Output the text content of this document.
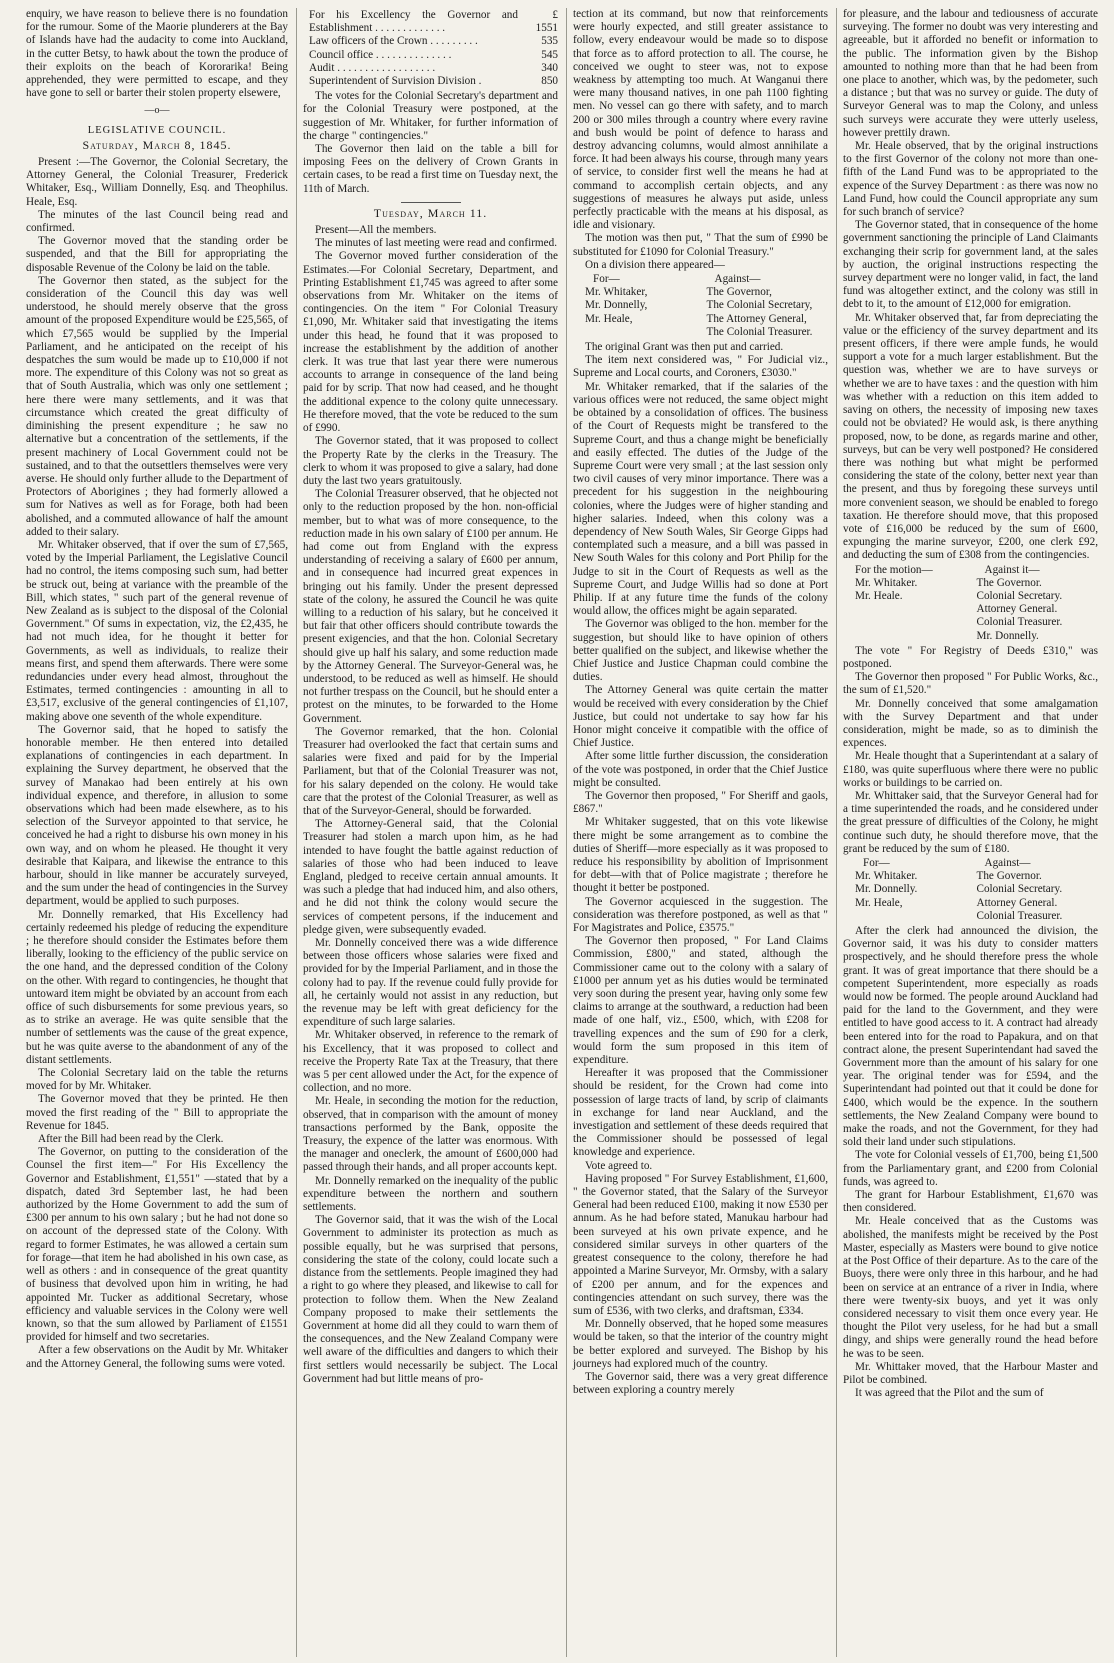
enquiry, we have reason to believe there is no foundation for the rumour. Some of the Maorie plunderers at the Bay of Islands have had the audacity to come into Auckland, in the cutter Betsy, to hawk about the town the produce of their exploits on the beach of Kororarika! Being apprehended, they were permitted to escape, and they have gone to sell or barter their stolen property elsewere,

—o—
LEGISLATIVE COUNCIL.
Saturday, March 8, 1845.

Present :—The Governor, the Colonial Secretary, the Attorney General, the Colonial Treasurer, Frederick Whitaker, Esq., William Donnelly, Esq. and Theophilus. Heale, Esq.

The minutes of the last Council being read and confirmed.

The Governor moved that the standing order be suspended, and that the Bill for appropriating the disposable Revenue of the Colony be laid on the table.

The Governor then stated, as the subject for the consideration of the Council this day was well understood, he should merely observe that the gross amount of the proposed Expenditure would be £25,565, of which £7,565 would be supplied by the Imperial Parliament, and he anticipated on the receipt of his despatches the sum would be made up to £10,000 if not more. The expenditure of this Colony was not so great as that of South Australia, which was only one settlement ; here there were many settlements, and it was that circumstance which created the great difficulty of diminishing the present expenditure ; he saw no alternative but a concentration of the settlements, if the present machinery of Local Government could not be sustained, and to that the outsettlers themselves were very averse. He should only further allude to the Department of Protectors of Aborigines ; they had formerly allowed a sum for Natives as well as for Forage, both had been abolished, and a commuted allowance of half the amount added to their salary.

Mr. Whitaker observed, that if over the sum of £7,565, voted by the Imperial Parliament, the Legislative Council had no control, the items composing such sum, had better be struck out, being at variance with the preamble of the Bill, which states, " such part of the general revenue of New Zealand as is subject to the disposal of the Colonial Government." Of sums in expectation, viz, the £2,435, he had not much idea, for he thought it better for Governments, as well as individuals, to realize their means first, and spend them afterwards. There were some redundancies under every head almost, throughout the Estimates, termed contingencies : amounting in all to £3,517, exclusive of the general contingencies of £1,107, making above one seventh of the whole expenditure.

The Governor said, that he hoped to satisfy the honorable member. He then entered into detailed explanations of contingencies in each department. In explaining the Survey department, he observed that the survey of Manakao had been entirely at his own individual expence, and therefore, in allusion to some observations which had been made elsewhere, as to his selection of the Surveyor appointed to that service, he conceived he had a right to disburse his own money in his own way, and on whom he pleased. He thought it very desirable that Kaipara, and likewise the entrance to this harbour, should in like manner be accurately surveyed, and the sum under the head of contingencies in the Survey department, would be applied to such purposes.

Mr. Donnelly remarked, that His Excellency had certainly redeemed his pledge of reducing the expenditure ; he therefore should consider the Estimates before them liberally, looking to the efficiency of the public service on the one hand, and the depressed condition of the Colony on the other. With regard to contingencies, he thought that untoward item might be obviated by an account from each office of such disbursements for some previous years, so as to strike an average. He was quite sensible that the number of settlements was the cause of the great expence, but he was quite averse to the abandonment of any of the distant settlements.

The Colonial Secretary laid on the table the returns moved for by Mr. Whitaker.

The Governor moved that they be printed. He then moved the first reading of the " Bill to appropriate the Revenue for 1845.

After the Bill had been read by the Clerk.

The Governor, on putting to the consideration of the Counsel the first item—" For His Excellency the Governor and Establishment, £1,551" —stated that by a dispatch, dated 3rd September last, he had been authorized by the Home Government to add the sum of £300 per annum to his own salary ; but he had not done so on account of the depressed state of the Colony. With regard to former Estimates, he was allowed a certain sum for forage—that item he had abolished in his own case, as well as others : and in consequence of the great quantity of business that devolved upon him in writing, he had appointed Mr. Tucker as additional Secretary, whose efficiency and valuable services in the Colony were well known, so that the sum allowed by Parliament of £1551 provided for himself and two secretaries.

After a few observations on the Audit by Mr. Whitaker and the Attorney General, the following sums were voted.

For his Excellency the Governor and Establishment . . . . . . . . . . . . .	£
1551
Law officers of the Crown . . . . . . . . .	535
Council office . . . . . . . . . . . . . .	545
Audit . . . . . . . . . . . . . . . . . .	340
Superintendent of Survision Division .	850

The votes for the Colonial Secretary's department and for the Colonial Treasury were postponed, at the suggestion of Mr. Whitaker, for further information of the charge " contingencies."

The Governor then laid on the table a bill for imposing Fees on the delivery of Crown Grants in certain cases, to be read a first time on Tuesday next, the 11th of March.

Tuesday, March 11.

Present—All the members.

The minutes of last meeting were read and confirmed.

The Governor moved further consideration of the Estimates.—For Colonial Secretary, Department, and Printing Establishment £1,745 was agreed to after some observations from Mr. Whitaker on the items of contingencies. On the item " For Colonial Treasury £1,090, Mr. Whitaker said that investigating the items under this head, he found that it was proposed to increase the establishment by the addition of another clerk. It was true that last year there were numerous accounts to arrange in consequence of the land being paid for by scrip. That now had ceased, and he thought the additional expence to the colony quite unnecessary. He therefore moved, that the vote be reduced to the sum of £990.

The Governor stated, that it was proposed to collect the Property Rate by the clerks in the Treasury. The clerk to whom it was proposed to give a salary, had done duty the last two years gratuitously.

The Colonial Treasurer observed, that he objected not only to the reduction proposed by the hon. non-official member, but to what was of more consequence, to the reduction made in his own salary of £100 per annum. He had come out from England with the express understanding of receiving a salary of £600 per annum, and in consequence had incurred great expences in bringing out his family. Under the present depressed state of the colony, he assured the Council he was quite willing to a reduction of his salary, but he conceived it but fair that other officers should contribute towards the present exigencies, and that the hon. Colonial Secretary should give up half his salary, and some reduction made by the Attorney General. The Surveyor-General was, he understood, to be reduced as well as himself. He should not further trespass on the Council, but he should enter a protest on the minutes, to be forwarded to the Home Government.

The Governor remarked, that the hon. Colonial Treasurer had overlooked the fact that certain sums and salaries were fixed and paid for by the Imperial Parliament, but that of the Colonial Treasurer was not, for his salary depended on the colony. He would take care that the protest of the Colonial Treasurer, as well as that of the Surveyor-General, should be forwarded.

The Attorney-General said, that the Colonial Treasurer had stolen a march upon him, as he had intended to have fought the battle against reduction of salaries of those who had been induced to leave England, pledged to receive certain annual amounts. It was such a pledge that had induced him, and also others, and he did not think the colony would secure the services of competent persons, if the inducement and pledge given, were subsequently evaded.

Mr. Donnelly conceived there was a wide difference between those officers whose salaries were fixed and provided for by the Imperial Parliament, and in those the colony had to pay. If the revenue could fully provide for all, he certainly would not assist in any reduction, but the revenue may be left with great deficiency for the expenditure of such large salaries.

Mr. Whitaker observed, in reference to the remark of his Excellency, that it was proposed to collect and receive the Property Rate Tax at the Treasury, that there was 5 per cent allowed under the Act, for the expence of collection, and no more.

Mr. Heale, in seconding the motion for the reduction, observed, that in comparison with the amount of money transactions performed by the Bank, opposite the Treasury, the expence of the latter was enormous. With the manager and oneclerk, the amount of £600,000 had passed through their hands, and all proper accounts kept.

Mr. Donnelly remarked on the inequality of the public expenditure between the northern and southern settlements.

The Governor said, that it was the wish of the Local Government to administer its protection as much as possible equally, but he was surprised that persons, considering the state of the colony, could locate such a distance from the settlements. People imagined they had a right to go where they pleased, and likewise to call for protection to follow them. When the New Zealand Company proposed to make their settlements the Government at home did all they could to warn them of the consequences, and the New Zealand Company were well aware of the difficulties and dangers to which their first settlers would necessarily be subject. The Local Government had but little means of pro-

tection at its command, but now that reinforcements were hourly expected, and still greater assistance to follow, every endeavour would be made so to dispose that force as to afford protection to all. The course, he conceived we ought to steer was, not to expose weakness by attempting too much. At Wanganui there were many thousand natives, in one pah 1100 fighting men. No vessel can go there with safety, and to march 200 or 300 miles through a country where every ravine and bush would be point of defence to harass and destroy advancing columns, would almost annihilate a force. It had been always his course, through many years of service, to consider first well the means he had at command to accomplish certain objects, and any suggestions of measures he always put aside, unless perfectly practicable with the means at his disposal, as idle and visionary.

The motion was then put, " That the sum of £990 be substituted for £1090 for Colonial Treasury."

On a division there appeared—

For—
Mr. Whitaker,
Mr. Donnelly,
Mr. Heale,
Against—
The Governor,
The Colonial Secretary,
The Attorney General,
The Colonial Treasurer.

The original Grant was then put and carried.

The item next considered was, " For Judicial viz., Supreme and Local courts, and Coroners, £3030."

Mr. Whitaker remarked, that if the salaries of the various offices were not reduced, the same object might be obtained by a consolidation of offices. The business of the Court of Requests might be transfered to the Supreme Court, and thus a change might be beneficially and easily effected. The duties of the Judge of the Supreme Court were very small ; at the last session only two civil causes of very minor importance. There was a precedent for his suggestion in the neighbouring colonies, where the Judges were of higher standing and higher salaries. Indeed, when this colony was a dependency of New South Wales, Sir George Gipps had contemplated such a measure, and a bill was passed in New South Wales for this colony and Port Philip for the Judge to sit in the Court of Requests as well as the Supreme Court, and Judge Willis had so done at Port Philip. If at any future time the funds of the colony would allow, the offices might be again separated.

The Governor was obliged to the hon. member for the suggestion, but should like to have opinion of others better qualified on the subject, and likewise whether the Chief Justice and Justice Chapman could combine the duties.

The Attorney General was quite certain the matter would be received with every consideration by the Chief Justice, but could not undertake to say how far his Honor might conceive it compatible with the office of Chief Justice.

After some little further discussion, the consideration of the vote was postponed, in order that the Chief Justice might be consulted.

The Governor then proposed, " For Sheriff and gaols, £867."

Mr Whitaker suggested, that on this vote likewise there might be some arrangement as to combine the duties of Sheriff—more especially as it was proposed to reduce his responsibility by abolition of Imprisonment for debt—with that of Police magistrate ; therefore he thought it better be postponed.

The Governor acquiesced in the suggestion. The consideration was therefore postponed, as well as that " For Magistrates and Police, £3575."

The Governor then proposed, " For Land Claims Commission, £800," and stated, although the Commissioner came out to the colony with a salary of £1000 per annum yet as his duties would be terminated very soon during the present year, having only some few claims to arrange at the southward, a reduction had been made of one half, viz., £500, which, with £208 for travelling expences and the sum of £90 for a clerk, would form the sum proposed in this item of expenditure.

Hereafter it was proposed that the Commissioner should be resident, for the Crown had come into possession of large tracts of land, by scrip of claimants in exchange for land near Auckland, and the investigation and settlement of these deeds required that the Commissioner should be possessed of legal knowledge and experience.

Vote agreed to.

Having proposed " For Survey Establishment, £1,600, " the Governor stated, that the Salary of the Surveyor General had been reduced £100, making it now £530 per annum. As he had before stated, Manukau harbour had been surveyed at his own private expence, and he considered similar surveys in other quarters of the greatest consequence to the colony, therefore he had appointed a Marine Surveyor, Mr. Ormsby, with a salary of £200 per annum, and for the expences and contingencies attendant on such survey, there was the sum of £536, with two clerks, and draftsman, £334.

Mr. Donnelly observed, that he hoped some measures would be taken, so that the interior of the country might be better explored and surveyed. The Bishop by his journeys had explored much of the country.

The Governor said, there was a very great difference between exploring a country merely

for pleasure, and the labour and tediousness of accurate surveying. The former no doubt was very interesting and agreeable, but it afforded no benefit or information to the public. The information given by the Bishop amounted to nothing more than that he had been from one place to another, which was, by the pedometer, such a distance ; but that was no survey or guide. The duty of Surveyor General was to map the Colony, and unless such surveys were accurate they were utterly useless, however prettily drawn.

Mr. Heale observed, that by the original instructions to the first Governor of the colony not more than one-fifth of the Land Fund was to be appropriated to the expence of the Survey Department : as there was now no Land Fund, how could the Council appropriate any sum for such branch of service?

The Governor stated, that in consequence of the home government sanctioning the principle of Land Claimants exchanging their scrip for government land, at the sales by auction, the original instructions respecting the survey department were no longer valid, in fact, the land fund was altogether extinct, and the colony was still in debt to it, to the amount of £12,000 for emigration.

Mr. Whitaker observed that, far from depreciating the value or the efficiency of the survey department and its present officers, if there were ample funds, he would support a vote for a much larger establishment. But the question was, whether we are to have surveys or whether we are to have taxes : and the question with him was whether with a reduction on this item added to saving on others, the necessity of imposing new taxes could not be obviated? He would ask, is there anything proposed, now, to be done, as regards marine and other, surveys, but can be very well postponed? He considered there was nothing but what might be performed considering the state of the colony, better next year than the present, and thus by foregoing these surveys until more convenient season, we should be enabled to forego taxation. He therefore should move, that this proposed vote of £16,000 be reduced by the sum of £600, expunging the marine surveyor, £200, one clerk £92, and deducting the sum of £308 from the contingencies.

For the motion—
Mr. Whitaker.
Mr. Heale.
Against it—
The Governor.
Colonial Secretary.
Attorney General.
Colonial Treasurer.
Mr. Donnelly.

The vote " For Registry of Deeds £310," was postponed.

The Governor then proposed " For Public Works, &c., the sum of £1,520."

Mr. Donnelly conceived that some amalgamation with the Survey Department and that under consideration, might be made, so as to diminish the expences.

Mr. Heale thought that a Superintendant at a salary of £180, was quite superfluous where there were no public works or buildings to be carried on.

Mr. Whittaker said, that the Surveyor General had for a time superintended the roads, and he considered under the great pressure of difficulties of the Colony, he might continue such duty, he should therefore move, that the grant be reduced by the sum of £180.

For—
Mr. Whitaker.
Mr. Donnelly.
Mr. Heale,
Against—
The Governor.
Colonial Secretary.
Attorney General.
Colonial Treasurer.

After the clerk had announced the division, the Governor said, it was his duty to consider matters prospectively, and he should therefore press the whole grant. It was of great importance that there should be a competent Superintendent, more especially as roads would now be formed. The people around Auckland had paid for the land to the Government, and they were entitled to have good access to it. A contract had already been entered into for the road to Papakura, and on that contract alone, the present Superintendant had saved the Government more than the amount of his salary for one year. The original tender was for £594, and the Superintendant had pointed out that it could be done for £400, which would be the expence. In the southern settlements, the New Zealand Company were bound to make the roads, and not the Government, for they had sold their land under such stipulations.

The vote for Colonial vessels of £1,700, being £1,500 from the Parliamentary grant, and £200 from Colonial funds, was agreed to.

The grant for Harbour Establishment, £1,670 was then considered.

Mr. Heale conceived that as the Customs was abolished, the manifests might be received by the Post Master, especially as Masters were bound to give notice at the Post Office of their departure. As to the care of the Buoys, there were only three in this harbour, and he had been on service at an entrance of a river in India, where there were twenty-six buoys, and yet it was only considered necessary to visit them once every year. He thought the Pilot very useless, for he had but a small dingy, and ships were generally round the head before he was to be seen.

Mr. Whittaker moved, that the Harbour Master and Pilot be combined.

It was agreed that the Pilot and the sum of
